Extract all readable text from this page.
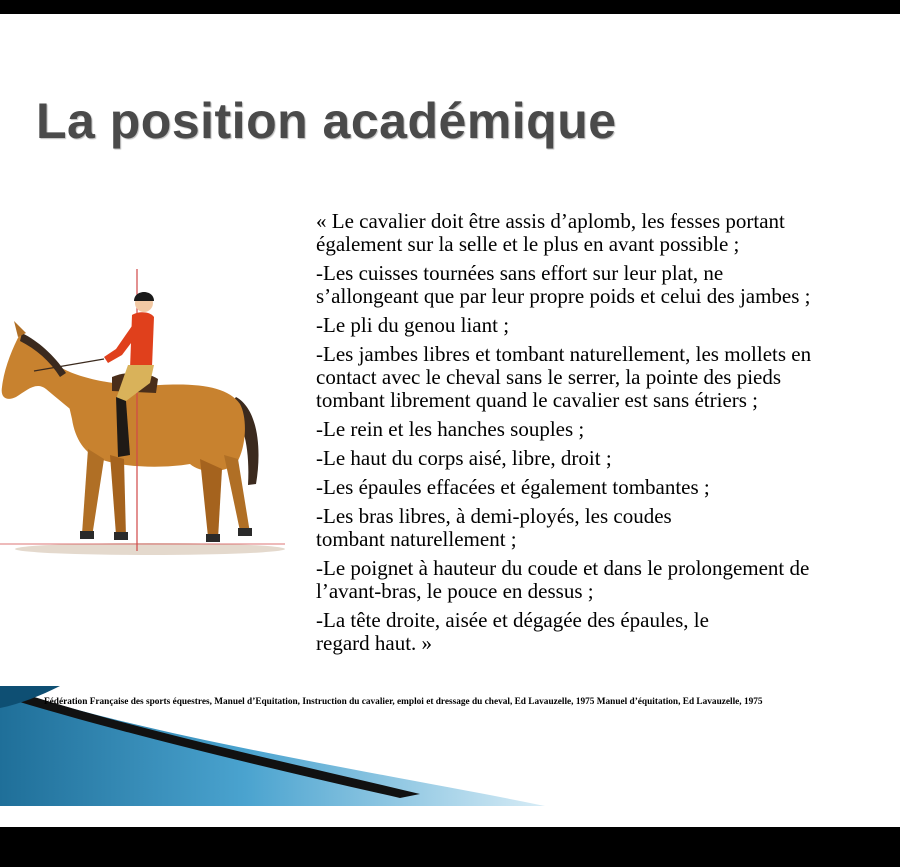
La position académique
« Le cavalier doit être assis d’aplomb, les fesses portant
également sur la selle et le plus en avant possible ;
-Les cuisses tournées sans effort sur leur plat, ne
s’allongeant que par leur propre poids et celui des jambes ;
-Le pli du genou liant ;
-Les jambes libres et tombant naturellement, les mollets en
contact avec le cheval sans le serrer, la pointe des pieds
tombant librement quand le cavalier est sans étriers ;
-Le rein et les hanches souples ;
-Le haut du corps aisé, libre, droit ;
-Les épaules effacées et également tombantes ;
-Les bras libres, à demi-ployés, les coudes
tombant naturellement ;
-Le poignet à hauteur du coude et dans le prolongement de
l’avant-bras, le pouce en dessus ;
-La tête droite, aisée et dégagée des épaules, le
regard haut. »

Fédération Française des sports équestres, Manuel d’Equitation, Instruction du cavalier, emploi et dressage du cheval, Ed Lavauzelle, 1975 Manuel d’équitation, Ed Lavauzelle, 1975
